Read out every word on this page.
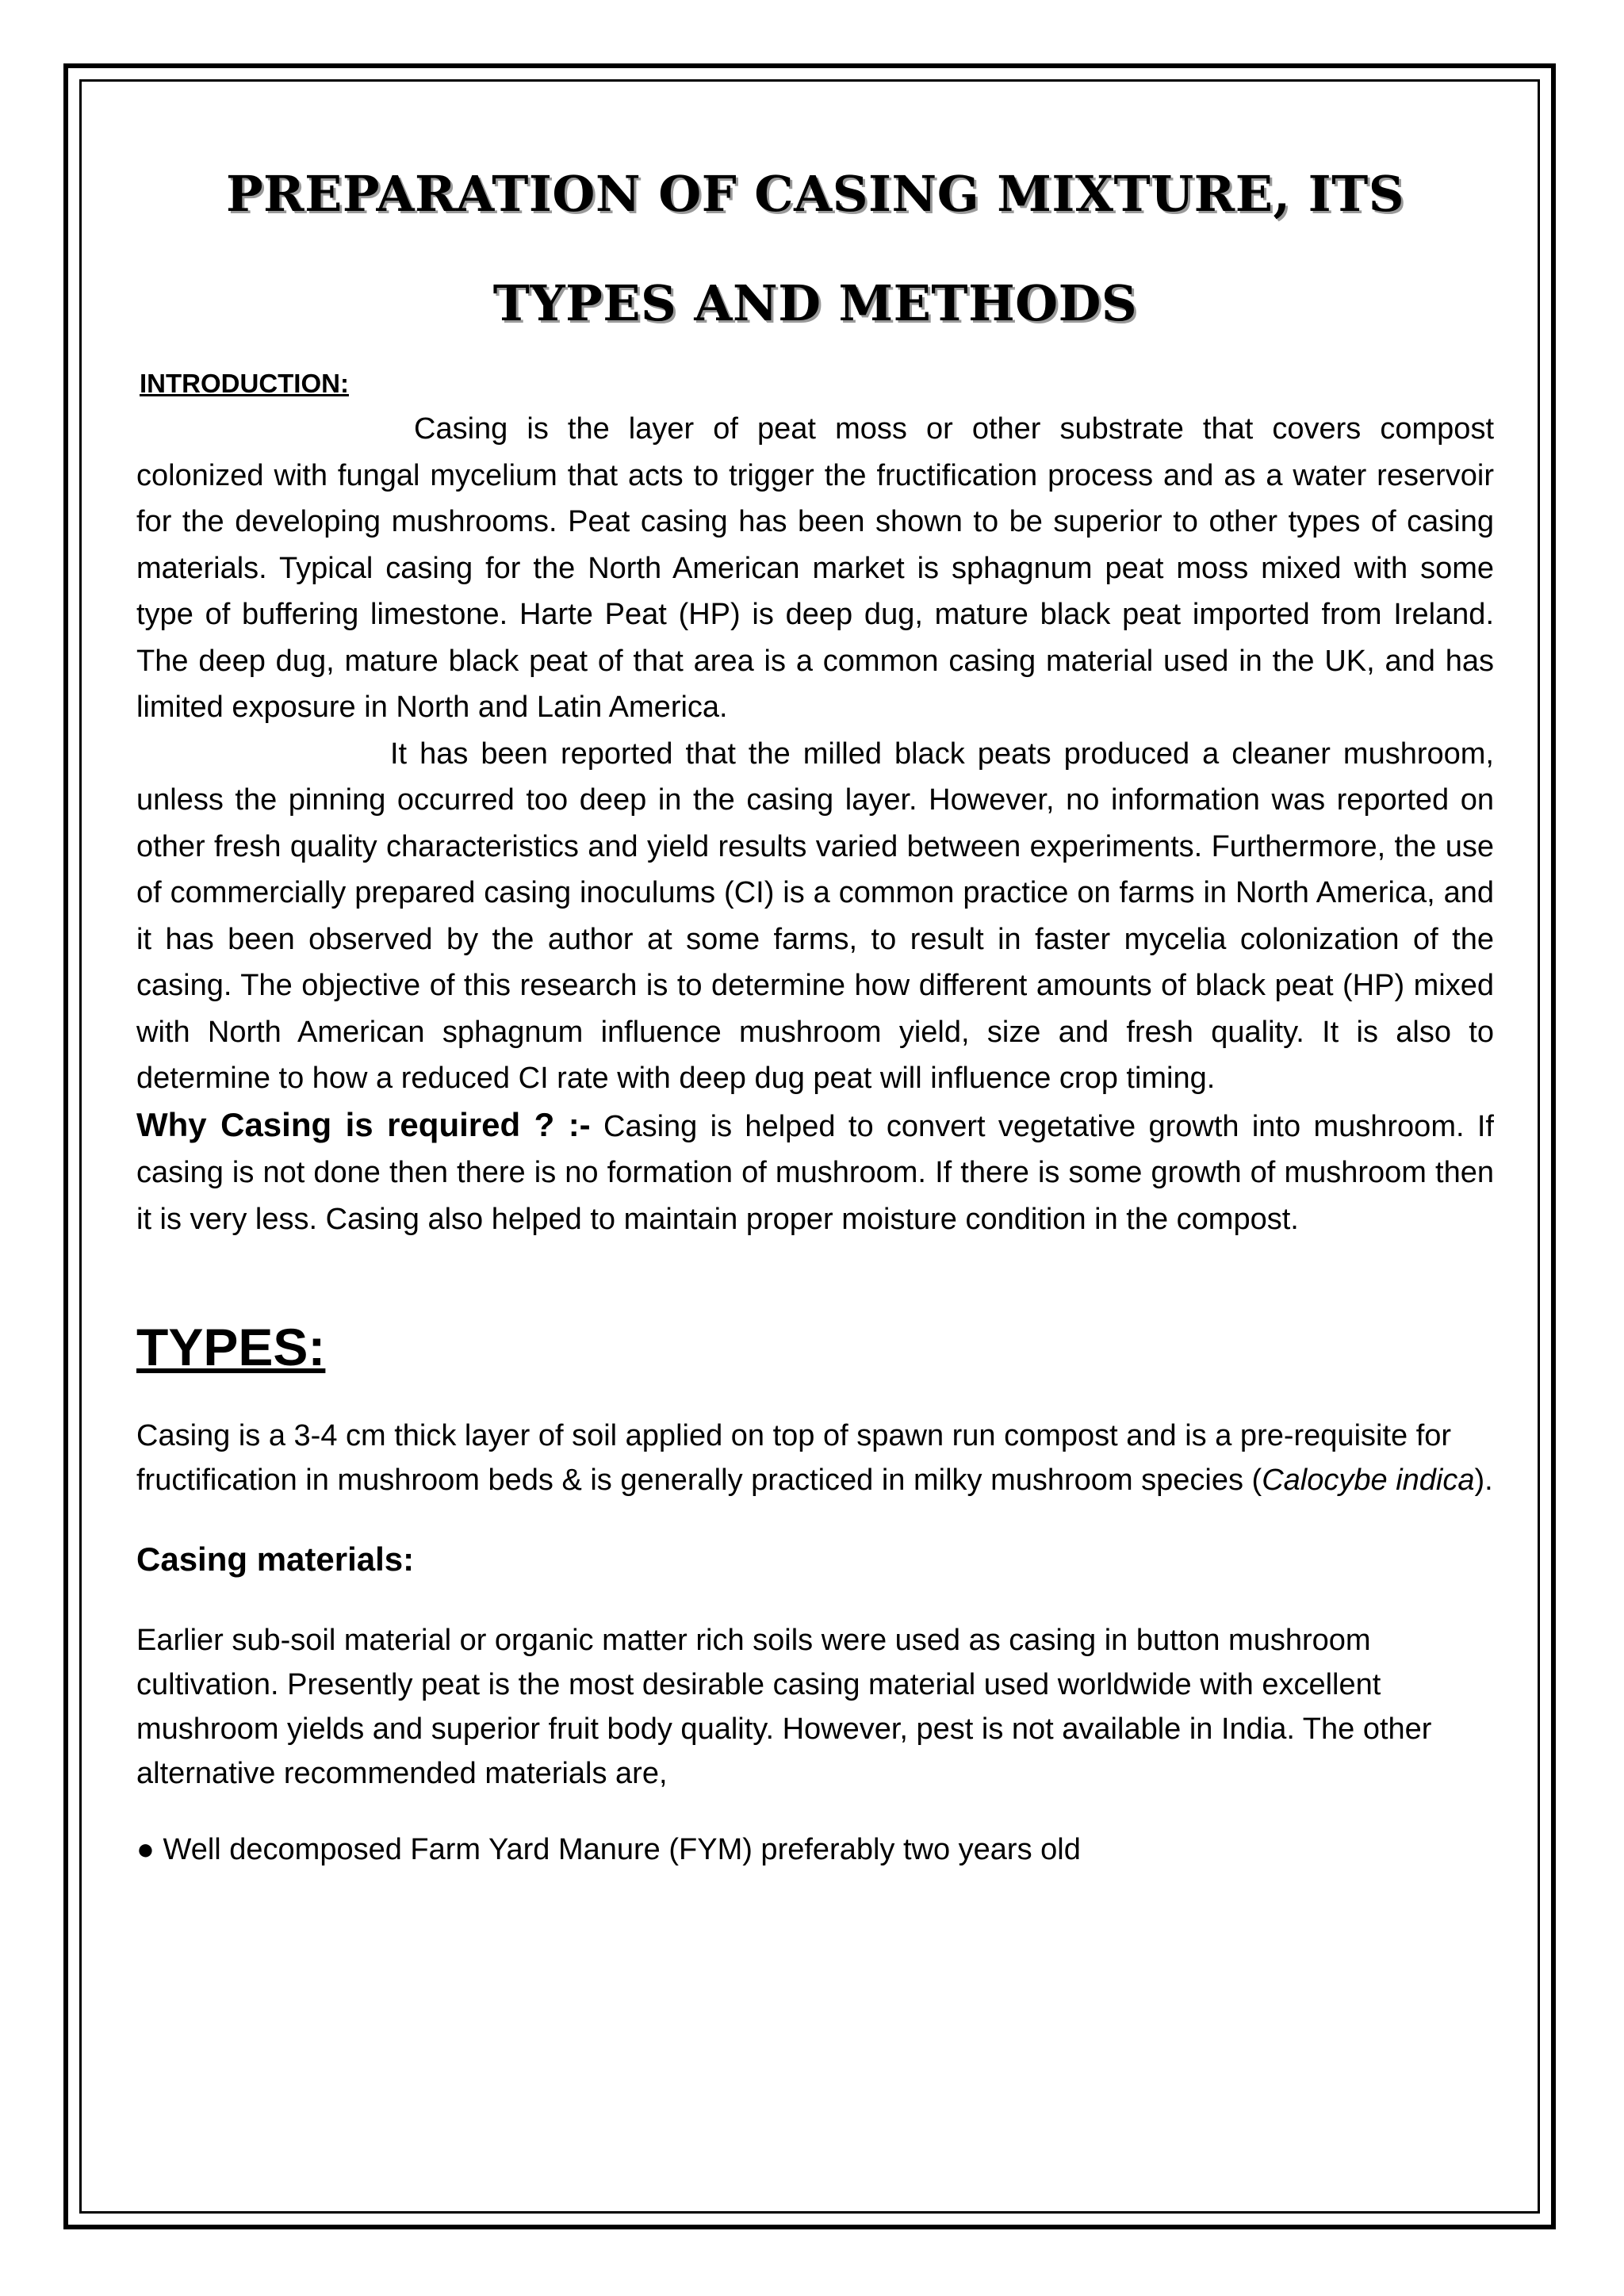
PREPARATION OF CASING MIXTURE, ITS
TYPES AND METHODS
INTRODUCTION:

Casing is the layer of peat moss or other substrate that covers compost colonized with fungal mycelium that acts to trigger the fructification process and as a water reservoir for the developing mushrooms. Peat casing has been shown to be superior to other types of casing materials. Typical casing for the North American market is sphagnum peat moss mixed with some type of buffering limestone. Harte Peat (HP) is deep dug, mature black peat imported from Ireland. The deep dug, mature black peat of that area is a common casing material used in the UK, and has limited exposure in North and Latin America.

It has been reported that the milled black peats produced a cleaner mushroom, unless the pinning occurred too deep in the casing layer. However, no information was reported on other fresh quality characteristics and yield results varied between experiments. Furthermore, the use of commercially prepared casing inoculums (CI) is a common practice on farms in North America, and it has been observed by the author at some farms, to result in faster mycelia colonization of the casing. The objective of this research is to determine how different amounts of black peat (HP) mixed with North American sphagnum influence mushroom yield, size and fresh quality. It is also to determine to how a reduced CI rate with deep dug peat will influence crop timing.

Why Casing is required ? :- Casing is helped to convert vegetative growth into mushroom. If casing is not done then there is no formation of mushroom. If there is some growth of mushroom then it is very less. Casing also helped to maintain proper moisture condition in the compost.

TYPES:

Casing is a 3-4 cm thick layer of soil applied on top of spawn run compost and is a pre-requisite for fructification in mushroom beds & is generally practiced in milky mushroom species (Calocybe indica).

Casing materials:

Earlier sub-soil material or organic matter rich soils were used as casing in button mushroom cultivation. Presently peat is the most desirable casing material used worldwide with excellent mushroom yields and superior fruit body quality. However, pest is not available in India. The other alternative recommended materials are,

● Well decomposed Farm Yard Manure (FYM) preferably two years old
